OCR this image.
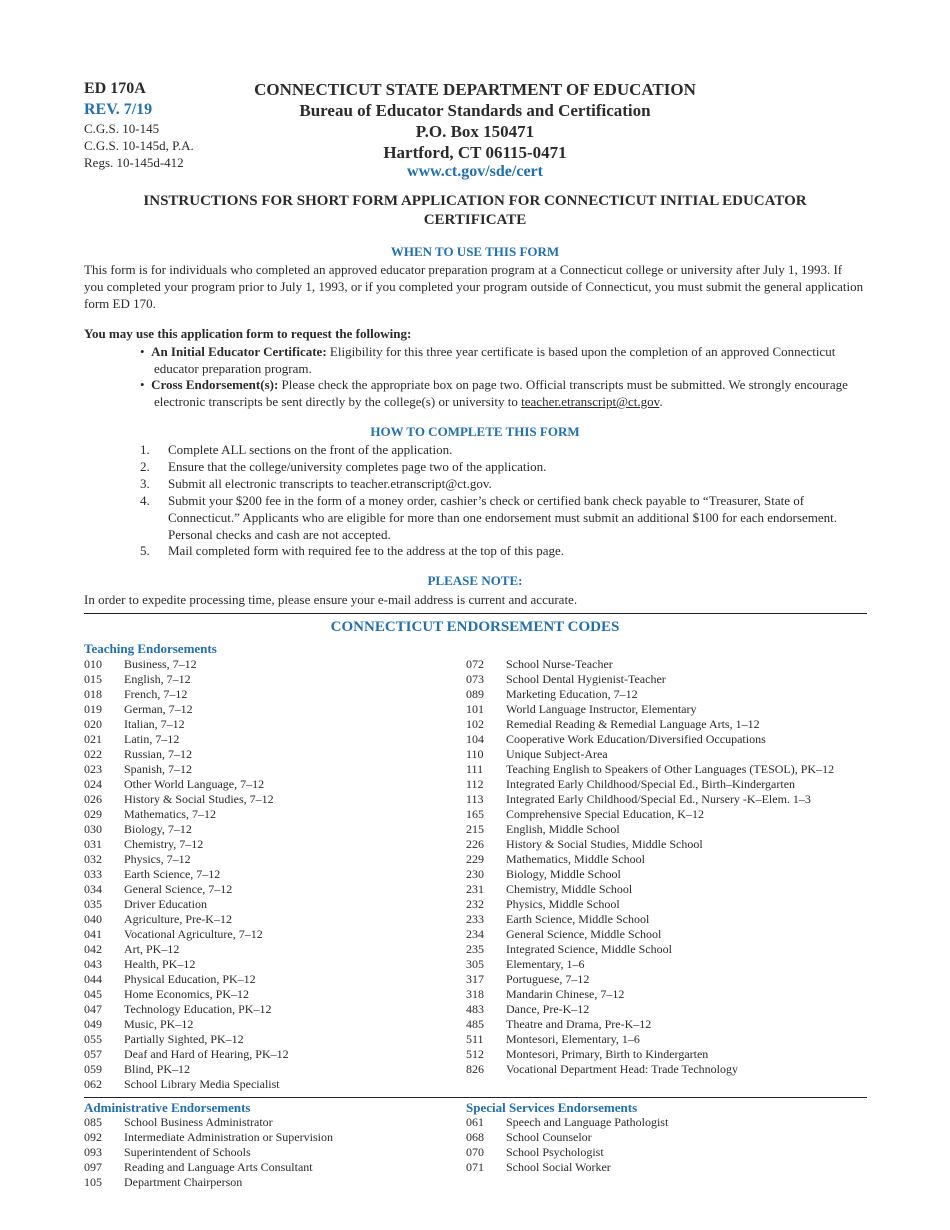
ED 170A
REV. 7/19
C.G.S. 10-145
C.G.S. 10-145d, P.A.
Regs. 10-145d-412
CONNECTICUT STATE DEPARTMENT OF EDUCATION
Bureau of Educator Standards and Certification
P.O. Box 150471
Hartford, CT 06115-0471
www.ct.gov/sde/cert
INSTRUCTIONS FOR SHORT FORM APPLICATION FOR CONNECTICUT INITIAL EDUCATOR CERTIFICATE
WHEN TO USE THIS FORM
This form is for individuals who completed an approved educator preparation program at a Connecticut college or university after July 1, 1993. If you completed your program prior to July 1, 1993, or if you completed your program outside of Connecticut, you must submit the general application form ED 170.
You may use this application form to request the following:
•  An Initial Educator Certificate: Eligibility for this three year certificate is based upon the completion of an approved Connecticut educator preparation program.
•  Cross Endorsement(s): Please check the appropriate box on page two. Official transcripts must be submitted. We strongly encourage electronic transcripts be sent directly by the college(s) or university to teacher.etranscript@ct.gov.
HOW TO COMPLETE THIS FORM
1.	Complete ALL sections on the front of the application.
2.	Ensure that the college/university completes page two of the application.
3.	Submit all electronic transcripts to teacher.etranscript@ct.gov.
4.	Submit your $200 fee in the form of a money order, cashier’s check or certified bank check payable to “Treasurer, State of Connecticut.” Applicants who are eligible for more than one endorsement must submit an additional $100 for each endorsement. Personal checks and cash are not accepted.
5.	Mail completed form with required fee to the address at the top of this page.
PLEASE NOTE:
In order to expedite processing time, please ensure your e-mail address is current and accurate.
CONNECTICUT ENDORSEMENT CODES
Teaching Endorsements
010 Business, 7–12
015 English, 7–12
018 French, 7–12
019 German, 7–12
020 Italian, 7–12
021 Latin, 7–12
022 Russian, 7–12
023 Spanish, 7–12
024 Other World Language, 7–12
026 History & Social Studies, 7–12
029 Mathematics, 7–12
030 Biology, 7–12
031 Chemistry, 7–12
032 Physics, 7–12
033 Earth Science, 7–12
034 General Science, 7–12
035 Driver Education
040 Agriculture, Pre-K–12
041 Vocational Agriculture, 7–12
042 Art, PK–12
043 Health, PK–12
044 Physical Education, PK–12
045 Home Economics, PK–12
047 Technology Education, PK–12
049 Music, PK–12
055 Partially Sighted, PK–12
057 Deaf and Hard of Hearing, PK–12
059 Blind, PK–12
062 School Library Media Specialist
072 School Nurse-Teacher
073 School Dental Hygienist-Teacher
089 Marketing Education, 7–12
101 World Language Instructor, Elementary
102 Remedial Reading & Remedial Language Arts, 1–12
104 Cooperative Work Education/Diversified Occupations
110 Unique Subject-Area
111 Teaching English to Speakers of Other Languages (TESOL), PK–12
112 Integrated Early Childhood/Special Ed., Birth–Kindergarten
113 Integrated Early Childhood/Special Ed., Nursery -K–Elem. 1–3
165 Comprehensive Special Education, K–12
215 English, Middle School
226 History & Social Studies, Middle School
229 Mathematics, Middle School
230 Biology, Middle School
231 Chemistry, Middle School
232 Physics, Middle School
233 Earth Science, Middle School
234 General Science, Middle School
235 Integrated Science, Middle School
305 Elementary, 1–6
317 Portuguese, 7–12
318 Mandarin Chinese, 7–12
483 Dance, Pre-K–12
485 Theatre and Drama, Pre-K–12
511 Montesori, Elementary, 1–6
512 Montesori, Primary, Birth to Kindergarten
826 Vocational Department Head: Trade Technology
Administrative Endorsements
085 School Business Administrator
092 Intermediate Administration or Supervision
093 Superintendent of Schools
097 Reading and Language Arts Consultant
105 Department Chairperson
Special Services Endorsements
061 Speech and Language Pathologist
068 School Counselor
070 School Psychologist
071 School Social Worker
